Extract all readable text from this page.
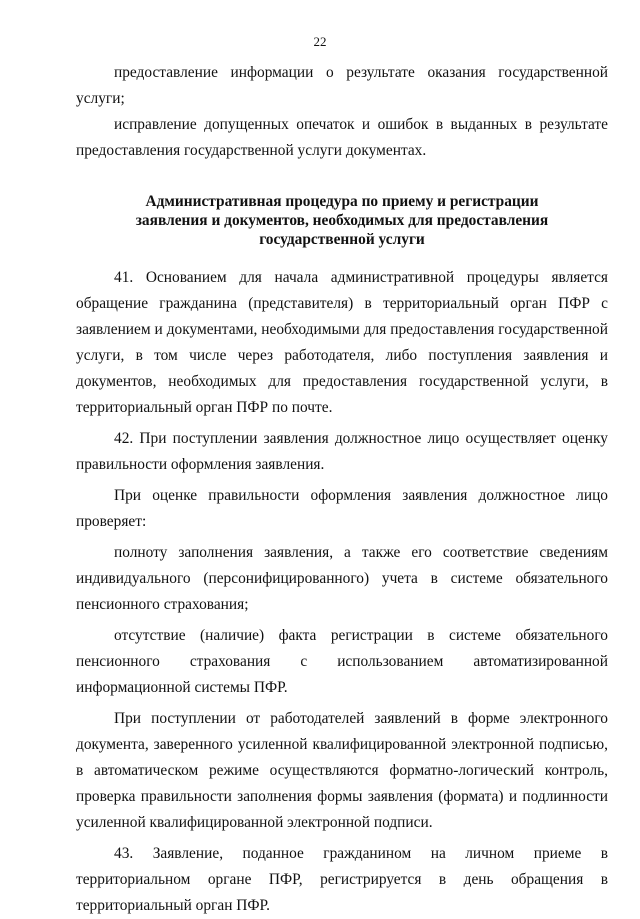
22

предоставление информации о результате оказания государственной услуги;

исправление допущенных опечаток и ошибок в выданных в результате предоставления государственной услуги документах.

Административная процедура по приему и регистрации
заявления и документов, необходимых для предоставления
государственной услуги

41. Основанием для начала административной процедуры является обращение гражданина (представителя) в территориальный орган ПФР с заявлением и документами, необходимыми для предоставления государственной услуги, в том числе через работодателя, либо поступления заявления и документов, необходимых для предоставления государственной услуги, в территориальный орган ПФР по почте.

42. При поступлении заявления должностное лицо осуществляет оценку правильности оформления заявления.

При оценке правильности оформления заявления должностное лицо проверяет:

полноту заполнения заявления, а также его соответствие сведениям индивидуального (персонифицированного) учета в системе обязательного пенсионного страхования;

отсутствие (наличие) факта регистрации в системе обязательного пенсионного страхования с использованием автоматизированной информационной системы ПФР.

При поступлении от работодателей заявлений в форме электронного документа, заверенного усиленной квалифицированной электронной подписью, в автоматическом режиме осуществляются форматно-логический контроль, проверка правильности заполнения формы заявления (формата) и подлинности усиленной квалифицированной электронной подписи.

43. Заявление, поданное гражданином на личном приеме в территориальном органе ПФР, регистрируется в день обращения в территориальный орган ПФР.
